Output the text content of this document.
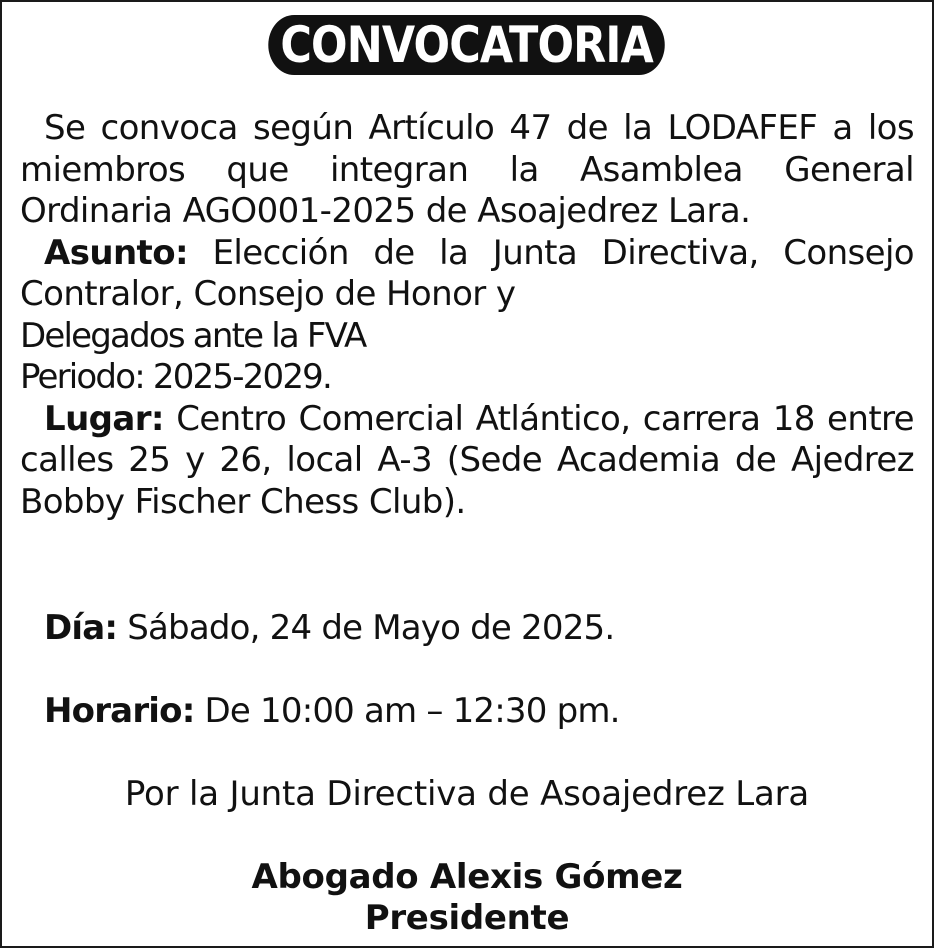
CONVOCATORIA

Se convoca según Artículo 47 de la LODAFEF a los miembros que integran la Asamblea General Ordinaria AGO001-2025 de Asoajedrez Lara.

Asunto: Elección de la Junta Directiva, Consejo Contralor, Consejo de Honor y

Delegados ante la FVA

Periodo: 2025-2029.

Lugar: Centro Comercial Atlántico, carrera 18 entre calles 25 y 26, local A-3 (Sede Academia de Ajedrez Bobby Fischer Chess Club).

Día: Sábado, 24 de Mayo de 2025.
Horario: De 10:00 am – 12:30 pm.
Por la Junta Directiva de Asoajedrez Lara
Abogado Alexis Gómez
Presidente
